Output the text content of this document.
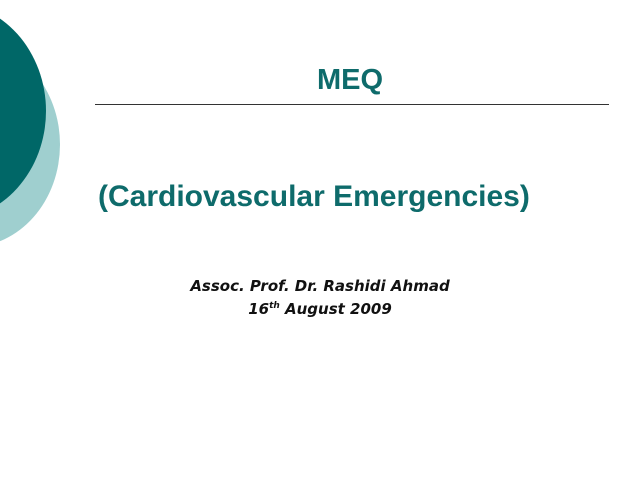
MEQ
(Cardiovascular Emergencies)
Assoc. Prof. Dr. Rashidi Ahmad
16th August 2009
